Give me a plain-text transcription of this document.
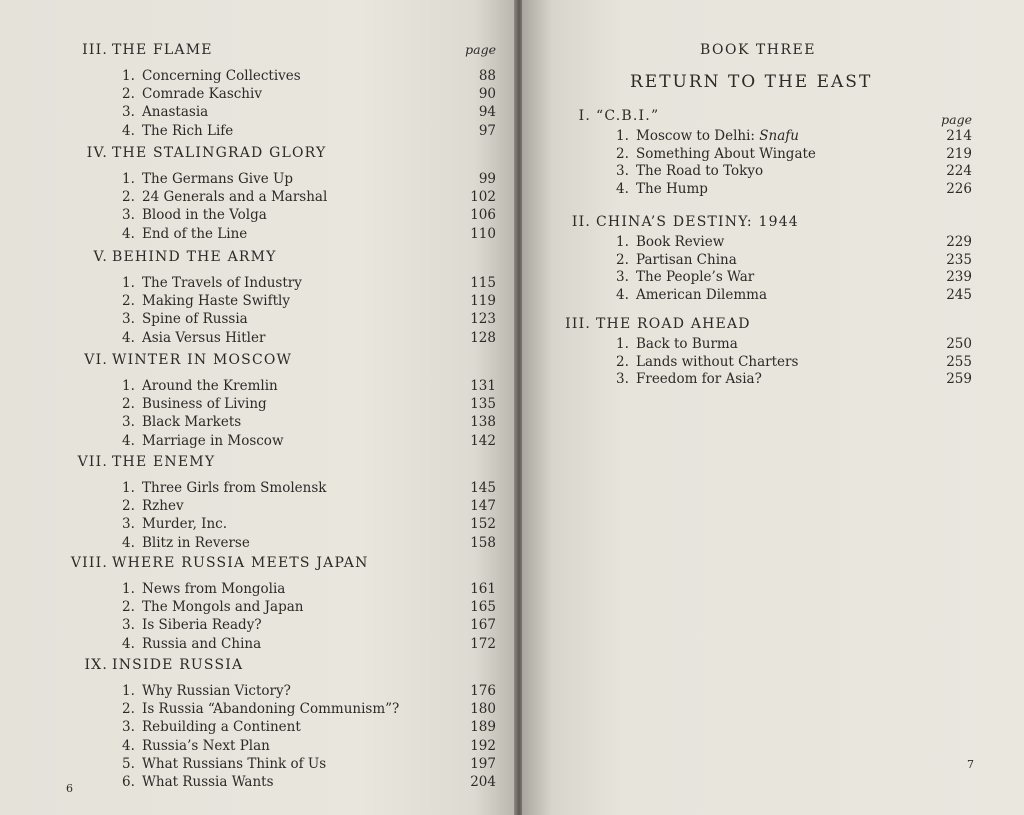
page
6
III. THE FLAME
1. Concerning Collectives	88
2. Comrade Kaschiv	90
3. Anastasia	94
4. The Rich Life	97
IV. THE STALINGRAD GLORY
1. The Germans Give Up	99
2. 24 Generals and a Marshal	102
3. Blood in the Volga	106
4. End of the Line	110
V. BEHIND THE ARMY
1. The Travels of Industry	115
2. Making Haste Swiftly	119
3. Spine of Russia	123
4. Asia Versus Hitler	128
VI. WINTER IN MOSCOW
1. Around the Kremlin	131
2. Business of Living	135
3. Black Markets	138
4. Marriage in Moscow	142
VII. THE ENEMY
1. Three Girls from Smolensk	145
2. Rzhev	147
3. Murder, Inc.	152
4. Blitz in Reverse	158
VIII. WHERE RUSSIA MEETS JAPAN
1. News from Mongolia	161
2. The Mongols and Japan	165
3. Is Siberia Ready?	167
4. Russia and China	172
IX. INSIDE RUSSIA
1. Why Russian Victory?	176
2. Is Russia “Abandoning Communism”?	180
3. Rebuilding a Continent	189
4. Russia’s Next Plan	192
5. What Russians Think of Us	197
6. What Russia Wants	204
BOOK THREE
RETURN TO THE EAST
page
7
I. “C.B.I.”
1. Moscow to Delhi: Snafu	214
2. Something About Wingate	219
3. The Road to Tokyo	224
4. The Hump	226
II. CHINA’S DESTINY: 1944
1. Book Review	229
2. Partisan China	235
3. The People’s War	239
4. American Dilemma	245
III. THE ROAD AHEAD
1. Back to Burma	250
2. Lands without Charters	255
3. Freedom for Asia?	259
